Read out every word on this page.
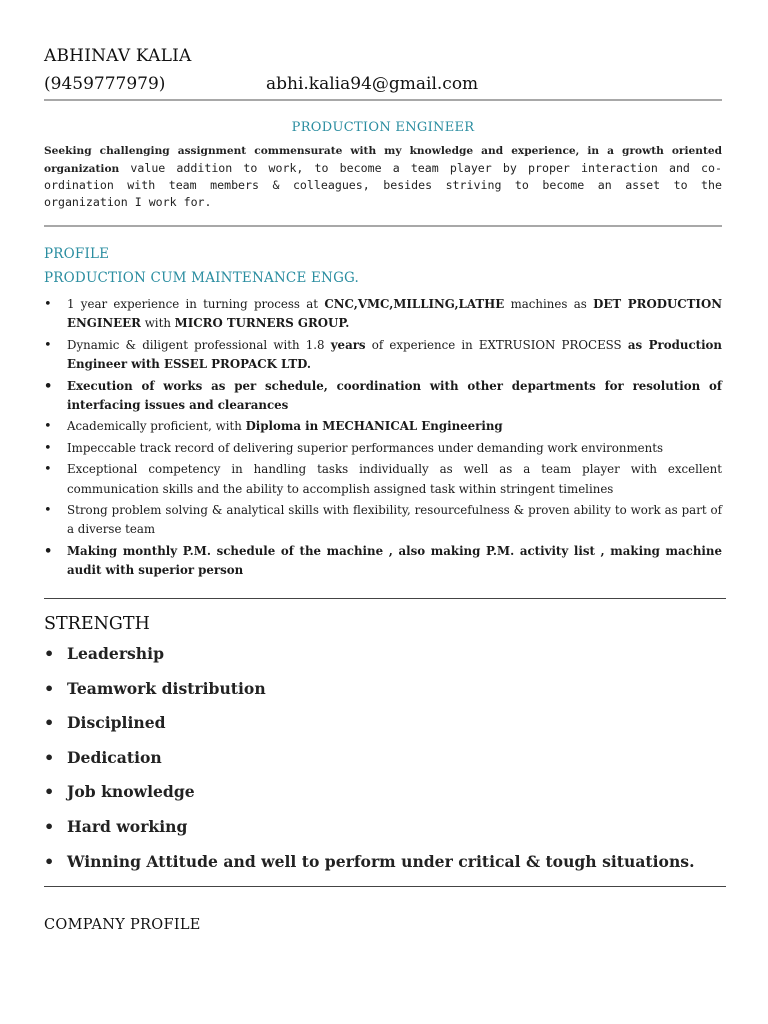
ABHINAV KALIA
(9459777979)	abhi.kalia94@gmail.com
PRODUCTION ENGINEER
Seeking challenging assignment commensurate with my knowledge and experience, in a growth oriented organization value addition to work, to become a team player by proper interaction and co-ordination with team members & colleagues, besides striving to become an asset to the organization I work for.
PROFILE
PRODUCTION CUM MAINTENANCE ENGG.
• 1 year experience in turning process at CNC,VMC,MILLING,LATHE machines as DET PRODUCTION ENGINEER with MICRO TURNERS GROUP.
• Dynamic & diligent professional with 1.8 years of experience in EXTRUSION PROCESS as Production Engineer with ESSEL PROPACK LTD.
• Execution of works as per schedule, coordination with other departments for resolution of interfacing issues and clearances
• Academically proficient, with Diploma in MECHANICAL Engineering
• Impeccable track record of delivering superior performances under demanding work environments
• Exceptional competency in handling tasks individually as well as a team player with excellent communication skills and the ability to accomplish assigned task within stringent timelines
• Strong problem solving & analytical skills with flexibility, resourcefulness & proven ability to work as part of a diverse team
• Making monthly P.M. schedule of the machine , also making P.M. activity list , making machine audit with superior person
STRENGTH
• Leadership
• Teamwork distribution
• Disciplined
• Dedication
• Job knowledge
• Hard working
• Winning Attitude and well to perform under critical & tough situations.
COMPANY PROFILE
